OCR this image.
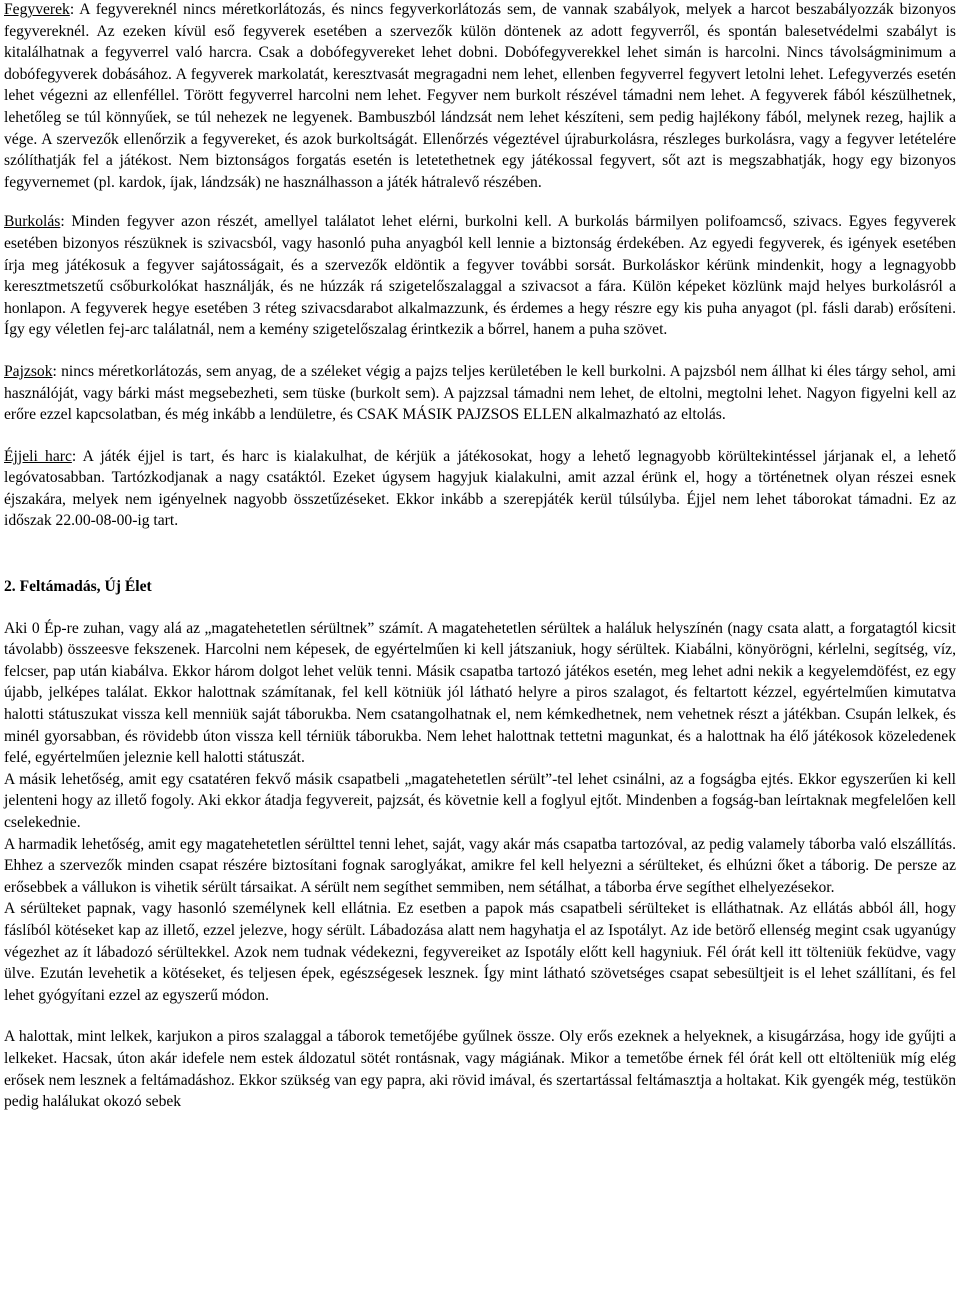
Fegyverek: A fegyvereknél nincs méretkorlátozás, és nincs fegyverkorlátozás sem, de vannak szabályok, melyek a harcot beszabályozzák bizonyos fegyvereknél. Az ezeken kívül eső fegyverek esetében a szervezők külön döntenek az adott fegyverről, és spontán balesetvédelmi szabályt is kitalálhatnak a fegyverrel való harcra. Csak a dobófegyvereket lehet dobni. Dobófegyverekkel lehet simán is harcolni. Nincs távolságminimum a dobófegyverek dobásához. A fegyverek markolatát, keresztvasát megragadni nem lehet, ellenben fegyverrel fegyvert letolni lehet. Lefegyverzés esetén lehet végezni az ellenféllel. Törött fegyverrel harcolni nem lehet. Fegyver nem burkolt részével támadni nem lehet. A fegyverek fából készülhetnek, lehetőleg se túl könnyűek, se túl nehezek ne legyenek. Bambuszból lándzsát nem lehet készíteni, sem pedig hajlékony fából, melynek rezeg, hajlik a vége. A szervezők ellenőrzik a fegyvereket, és azok burkoltságát. Ellenőrzés végeztével újraburkolásra, részleges burkolásra, vagy a fegyver letételére szólíthatják fel a játékost. Nem biztonságos forgatás esetén is letetethetnek egy játékossal fegyvert, sőt azt is megszabhatják, hogy egy bizonyos fegyvernemet (pl. kardok, íjak, lándzsák) ne használhasson a játék hátralevő részében.

Burkolás: Minden fegyver azon részét, amellyel találatot lehet elérni, burkolni kell. A burkolás bármilyen polifoamcső, szivacs. Egyes fegyverek esetében bizonyos részüknek is szivacsból, vagy hasonló puha anyagból kell lennie a biztonság érdekében. Az egyedi fegyverek, és igények esetében írja meg játékosuk a fegyver sajátosságait, és a szervezők eldöntik a fegyver további sorsát. Burkoláskor kérünk mindenkit, hogy a legnagyobb keresztmetszetű csőburkolókat használják, és ne húzzák rá szigetelőszalaggal a szivacsot a fára. Külön képeket közlünk majd helyes burkolásról a honlapon. A fegyverek hegye esetében 3 réteg szivacsdarabot alkalmazzunk, és érdemes a hegy részre egy kis puha anyagot (pl. fásli darab) erősíteni. Így egy véletlen fej-arc találatnál, nem a kemény szigetelőszalag érintkezik a bőrrel, hanem a puha szövet.

Pajzsok: nincs méretkorlátozás, sem anyag, de a széleket végig a pajzs teljes kerületében le kell burkolni. A pajzsból nem állhat ki éles tárgy sehol, ami használóját, vagy bárki mást megsebezheti, sem tüske (burkolt sem). A pajzzsal támadni nem lehet, de eltolni, megtolni lehet. Nagyon figyelni kell az erőre ezzel kapcsolatban, és még inkább a lendületre, és CSAK MÁSIK PAJZSOS ELLEN alkalmazható az eltolás.

Éjjeli harc: A játék éjjel is tart, és harc is kialakulhat, de kérjük a játékosokat, hogy a lehető legnagyobb körültekintéssel járjanak el, a lehető legóvatosabban. Tartózkodjanak a nagy csatáktól. Ezeket úgysem hagyjuk kialakulni, amit azzal érünk el, hogy a történetnek olyan részei esnek éjszakára, melyek nem igényelnek nagyobb összetűzéseket. Ekkor inkább a szerepjáték kerül túlsúlyba. Éjjel nem lehet táborokat támadni. Ez az időszak 22.00-08-00-ig tart.

2. Feltámadás, Új Élet

Aki 0 Ép-re zuhan, vagy alá az „magatehetetlen sérültnek” számít. A magatehetetlen sérültek a haláluk helyszínén (nagy csata alatt, a forgatagtól kicsit távolabb) összeesve fekszenek. Harcolni nem képesek, de egyértelműen ki kell játszaniuk, hogy sérültek. Kiabálni, könyörögni, kérlelni, segítség, víz, felcser, pap után kiabálva. Ekkor három dolgot lehet velük tenni. Másik csapatba tartozó játékos esetén, meg lehet adni nekik a kegyelemdöfést, ez egy újabb, jelképes találat. Ekkor halottnak számítanak, fel kell kötniük jól látható helyre a piros szalagot, és feltartott kézzel, egyértelműen kimutatva halotti státuszukat vissza kell menniük saját táborukba. Nem csatangolhatnak el, nem kémkedhetnek, nem vehetnek részt a játékban. Csupán lelkek, és minél gyorsabban, és rövidebb úton vissza kell térniük táborukba. Nem lehet halottnak tettetni magunkat, és a halottnak ha élő játékosok közeledenek felé, egyértelműen jeleznie kell halotti státuszát.

A másik lehetőség, amit egy csatatéren fekvő másik csapatbeli „magatehetetlen sérült”-tel lehet csinálni, az a fogságba ejtés. Ekkor egyszerűen ki kell jelenteni hogy az illető fogoly. Aki ekkor átadja fegyvereit, pajzsát, és követnie kell a foglyul ejtőt. Mindenben a fogság-ban leírtaknak megfelelően kell cselekednie.

A harmadik lehetőség, amit egy magatehetetlen sérülttel tenni lehet, saját, vagy akár más csapatba tartozóval, az pedig valamely táborba való elszállítás. Ehhez a szervezők minden csapat részére biztosítani fognak saroglyákat, amikre fel kell helyezni a sérülteket, és elhúzni őket a táborig. De persze az erősebbek a vállukon is vihetik sérült társaikat. A sérült nem segíthet semmiben, nem sétálhat, a táborba érve segíthet elhelyezésekor.

A sérülteket papnak, vagy hasonló személynek kell ellátnia. Ez esetben a papok más csapatbeli sérülteket is elláthatnak. Az ellátás abból áll, hogy fáslíból kötéseket kap az illető, ezzel jelezve, hogy sérült. Lábadozása alatt nem hagyhatja el az Ispotályt. Az ide betörő ellenség megint csak ugyanúgy végezhet az ít lábadozó sérültekkel. Azok nem tudnak védekezni, fegyvereiket az Ispotály előtt kell hagyniuk. Fél órát kell itt tölteniük feküdve, vagy ülve. Ezután levehetik a kötéseket, és teljesen épek, egészségesek lesznek. Így mint látható szövetséges csapat sebesültjeit is el lehet szállítani, és fel lehet gyógyítani ezzel az egyszerű módon.

A halottak, mint lelkek, karjukon a piros szalaggal a táborok temetőjébe gyűlnek össze. Oly erős ezeknek a helyeknek, a kisugárzása, hogy ide gyűjti a lelkeket. Hacsak, úton akár idefele nem estek áldozatul sötét rontásnak, vagy mágiának. Mikor a temetőbe érnek fél órát kell ott eltölteniük míg elég erősek nem lesznek a feltámadáshoz. Ekkor szükség van egy papra, aki rövid imával, és szertartással feltámasztja a holtakat. Kik gyengék még, testükön pedig halálukat okozó sebek
